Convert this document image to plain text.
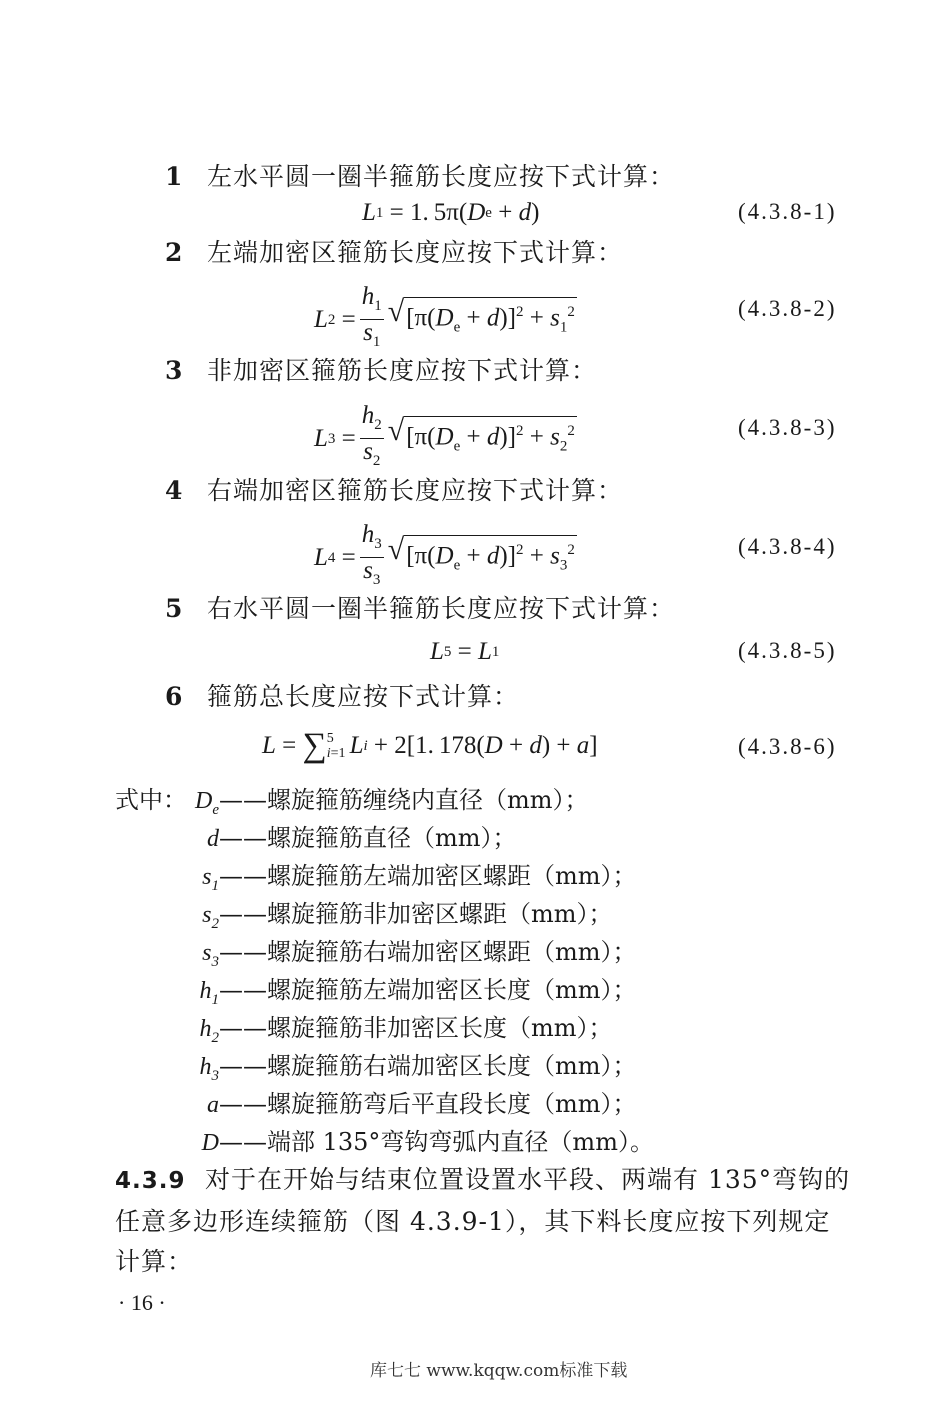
1 左水平圆一圈半箍筋长度应按下式计算：
L 1 = 1. 5π( D e + d )	(4.3.8-1)
2 左端加密区箍筋长度应按下式计算：
L $2 = \frac{h_1}{s_1}$ √ $[\pi(D_e + d)]^2 + s_1^2$	(4.3.8-2)
3 非加密区箍筋长度应按下式计算：
L $3 = \frac{h_2}{s_2}$ √ $[\pi(D_e + d)]^2 + s_2^2$	(4.3.8-3)
4 右端加密区箍筋长度应按下式计算：
L $4 = \frac{h_3}{s_3}$ √ $[\pi(D_e + d)]^2 + s_3^2$	(4.3.8-4)
5 右水平圆一圈半箍筋长度应按下式计算：
L 5 = L 1	(4.3.8-5)
6 箍筋总长度应按下式计算：
L = ∑ 5
i=1 L i + 2[1. 178( D + d ) + a ]	(4.3.8-6)
式中： $D_e——$螺旋箍筋缠绕内直径（mm）；
d——螺旋箍筋直径（mm）；
$s_1——$螺旋箍筋左端加密区螺距（mm）；
$s_2——$螺旋箍筋非加密区螺距（mm）；
$s_3——$螺旋箍筋右端加密区螺距（mm）；
$h_1——$螺旋箍筋左端加密区长度（mm）；
$h_2——$螺旋箍筋非加密区长度（mm）；
$h_3——$螺旋箍筋右端加密区长度（mm）；
a——螺旋箍筋弯后平直段长度（mm）；
D——端部 135°弯钩弯弧内直径（mm）。
4.3.9 对于在开始与结束位置设置水平段、两端有 135°弯钩的
任意多边形连续箍筋（图 4.3.9-1），其下料长度应按下列规定
计算：
· 16 ·
库七七 www.kqqw.com标准下载
